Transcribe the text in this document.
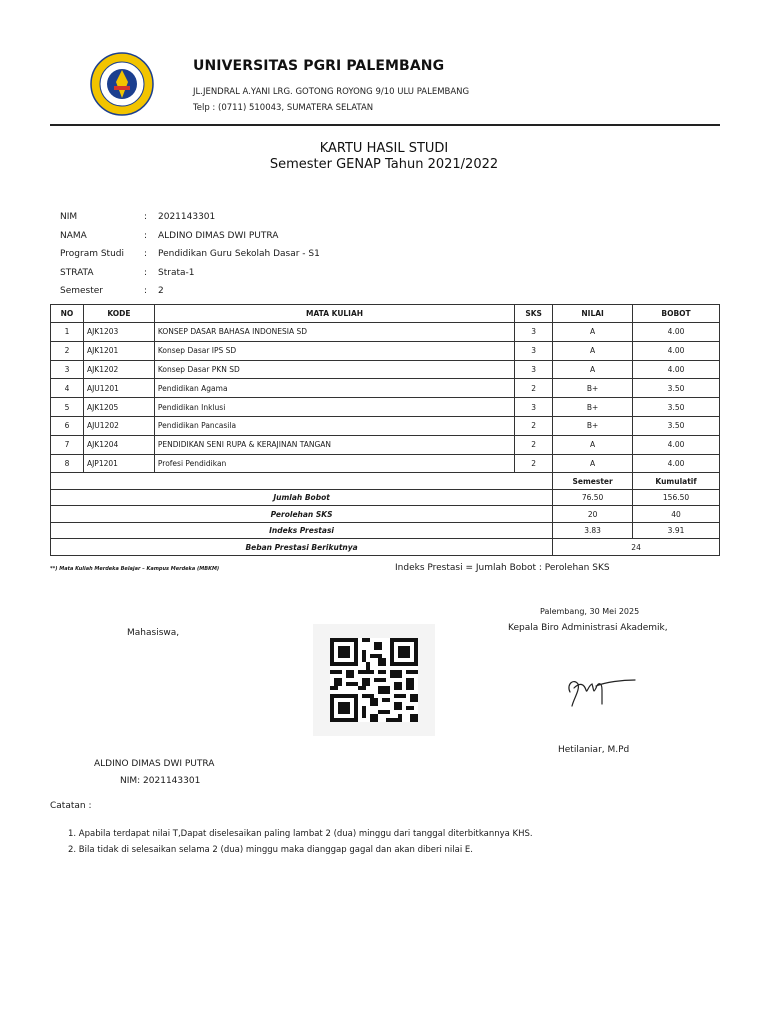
UNIVERSITAS PGRI PALEMBANG
JL.JENDRAL A.YANI LRG. GOTONG ROYONG 9/10 ULU PALEMBANG
Telp : (0711) 510043, SUMATERA SELATAN
KARTU HASIL STUDI
Semester GENAP Tahun 2021/2022
NIM	:	2021143301
NAMA	:	ALDINO DIMAS DWI PUTRA
Program Studi	:	Pendidikan Guru Sekolah Dasar - S1
STRATA	:	Strata-1
Semester	:	2
NO	KODE	MATA KULIAH	SKS	NILAI	BOBOT
1	AJK1203	KONSEP DASAR BAHASA INDONESIA SD	3	A	4.00
2	AJK1201	Konsep Dasar IPS SD	3	A	4.00
3	AJK1202	Konsep Dasar PKN SD	3	A	4.00
4	AJU1201	Pendidikan Agama	2	B+	3.50
5	AJK1205	Pendidikan Inklusi	3	B+	3.50
6	AJU1202	Pendidikan Pancasila	2	B+	3.50
7	AJK1204	PENDIDIKAN SENI RUPA & KERAJINAN TANGAN	2	A	4.00
8	AJP1201	Profesi Pendidikan	2	A	4.00
				Semester	Kumulatif
Jumlah Bobot				76.50	156.50
Perolehan SKS				20	40
Indeks Prestasi				3.83	3.91
Beban Prestasi Berikutnya				24	
**) Mata Kuliah Merdeka Belajar – Kampus Merdeka (MBKM)	Indeks Prestasi = Jumlah Bobot : Perolehan SKS
Palembang, 30 Mei 2025
Kepala Biro Administrasi Akademik,
Mahasiswa,
Hetilaniar, M.Pd
ALDINO DIMAS DWI PUTRA
NIM: 2021143301
Catatan :
1. Apabila terdapat nilai T,Dapat diselesaikan paling lambat 2 (dua) minggu dari tanggal diterbitkannya KHS.
2. Bila tidak di selesaikan selama 2 (dua) minggu maka dianggap gagal dan akan diberi nilai E.
